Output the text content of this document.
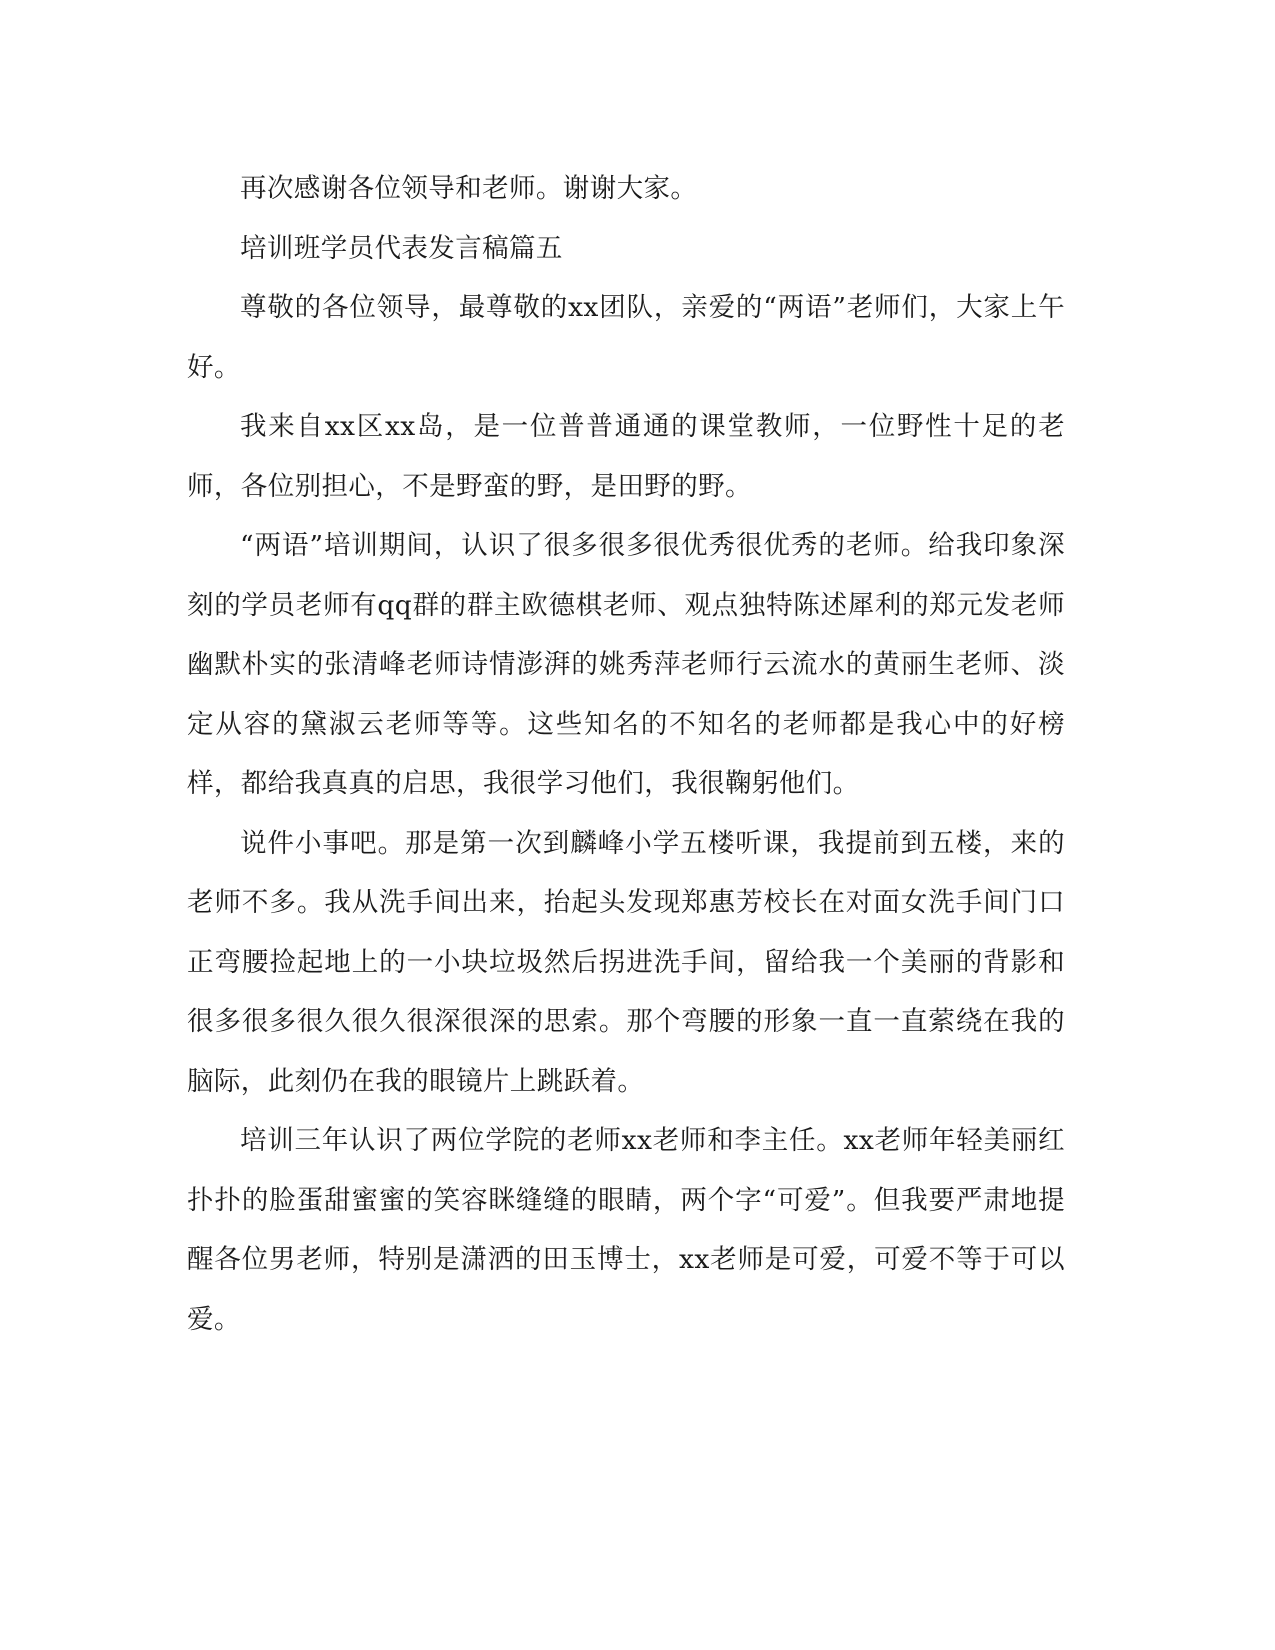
再次感谢各位领导和老师。谢谢大家。

培训班学员代表发言稿篇五

尊敬的各位领导，最尊敬的xx团队，亲爱的“两语”老师们，大家上午好。

我来自xx区xx岛，是一位普普通通的课堂教师，一位野性十足的老师，各位别担心，不是野蛮的野，是田野的野。

“两语”培训期间，认识了很多很多很优秀很优秀的老师。给我印象深刻的学员老师有qq群的群主欧德棋老师、观点独特陈述犀利的郑元发老师幽默朴实的张清峰老师诗情澎湃的姚秀萍老师行云流水的黄丽生老师、淡定从容的黛淑云老师等等。这些知名的不知名的老师都是我心中的好榜样，都给我真真的启思，我很学习他们，我很鞠躬他们。

说件小事吧。那是第一次到麟峰小学五楼听课，我提前到五楼，来的老师不多。我从洗手间出来，抬起头发现郑惠芳校长在对面女洗手间门口正弯腰捡起地上的一小块垃圾然后拐进洗手间，留给我一个美丽的背影和很多很多很久很久很深很深的思索。那个弯腰的形象一直一直萦绕在我的脑际，此刻仍在我的眼镜片上跳跃着。

培训三年认识了两位学院的老师xx老师和李主任。xx老师年轻美丽红扑扑的脸蛋甜蜜蜜的笑容眯缝缝的眼睛，两个字“可爱”。但我要严肃地提醒各位男老师，特别是潇洒的田玉博士，xx老师是可爱，可爱不等于可以爱。
